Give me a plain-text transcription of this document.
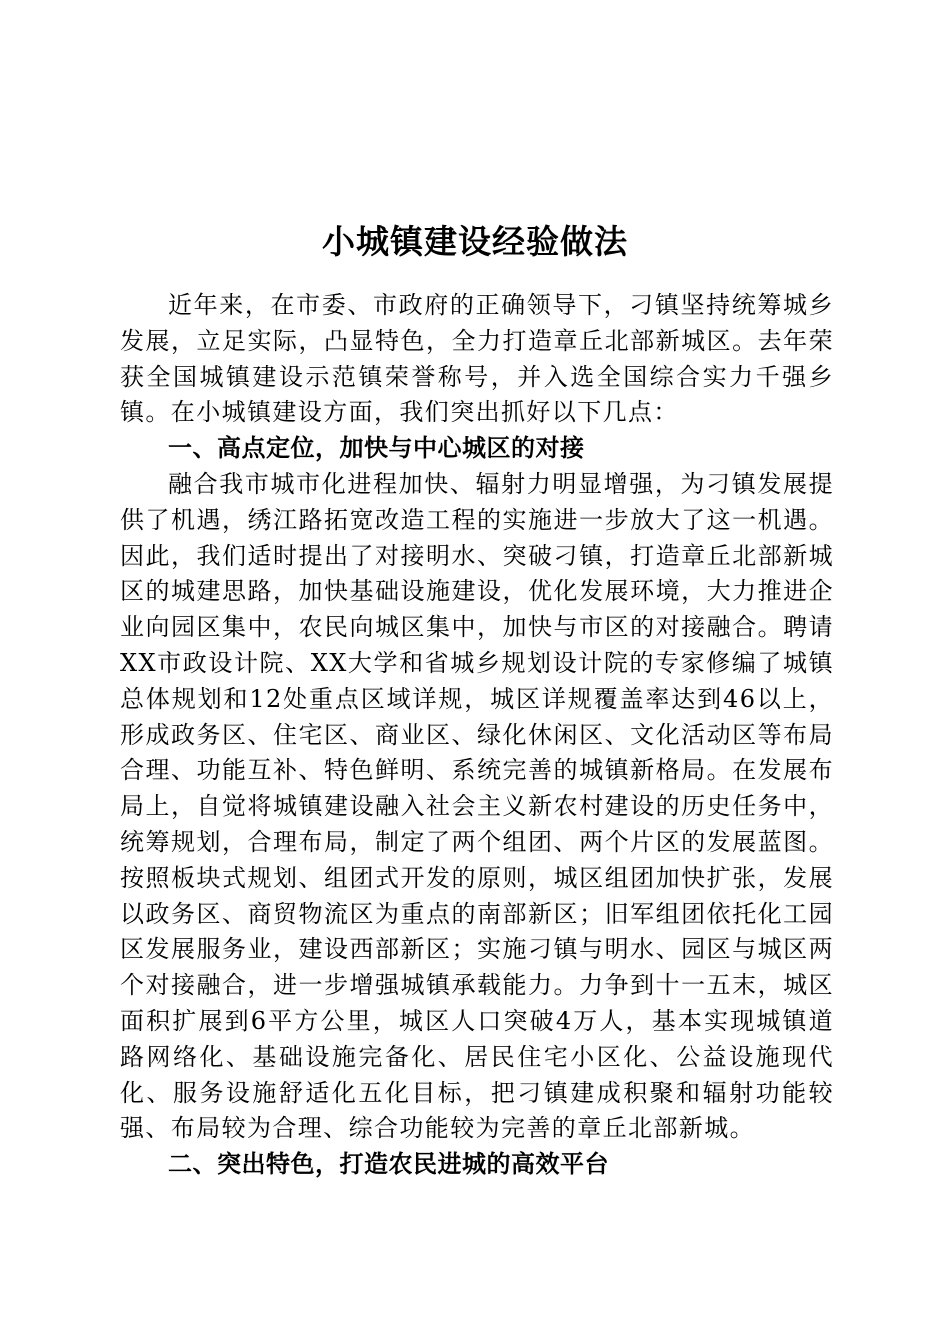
小城镇建设经验做法

近年来，在市委、市政府的正确领导下，刁镇坚持统筹城乡发展，立足实际，凸显特色，全力打造章丘北部新城区。去年荣获全国城镇建设示范镇荣誉称号，并入选全国综合实力千强乡镇。在小城镇建设方面，我们突出抓好以下几点：

一、高点定位，加快与中心城区的对接

融合我市城市化进程加快、辐射力明显增强，为刁镇发展提供了机遇，绣江路拓宽改造工程的实施进一步放大了这一机遇。因此，我们适时提出了对接明水、突破刁镇，打造章丘北部新城区的城建思路，加快基础设施建设，优化发展环境，大力推进企业向园区集中，农民向城区集中，加快与市区的对接融合。聘请XX市政设计院、XX大学和省城乡规划设计院的专家修编了城镇总体规划和12处重点区域详规，城区详规覆盖率达到46以上，形成政务区、住宅区、商业区、绿化休闲区、文化活动区等布局合理、功能互补、特色鲜明、系统完善的城镇新格局。在发展布局上，自觉将城镇建设融入社会主义新农村建设的历史任务中，统筹规划，合理布局，制定了两个组团、两个片区的发展蓝图。按照板块式规划、组团式开发的原则，城区组团加快扩张，发展以政务区、商贸物流区为重点的南部新区；旧军组团依托化工园区发展服务业，建设西部新区；实施刁镇与明水、园区与城区两个对接融合，进一步增强城镇承载能力。力争到十一五末，城区面积扩展到6平方公里，城区人口突破4万人，基本实现城镇道路网络化、基础设施完备化、居民住宅小区化、公益设施现代化、服务设施舒适化五化目标，把刁镇建成积聚和辐射功能较强、布局较为合理、综合功能较为完善的章丘北部新城。

二、突出特色，打造农民进城的高效平台
